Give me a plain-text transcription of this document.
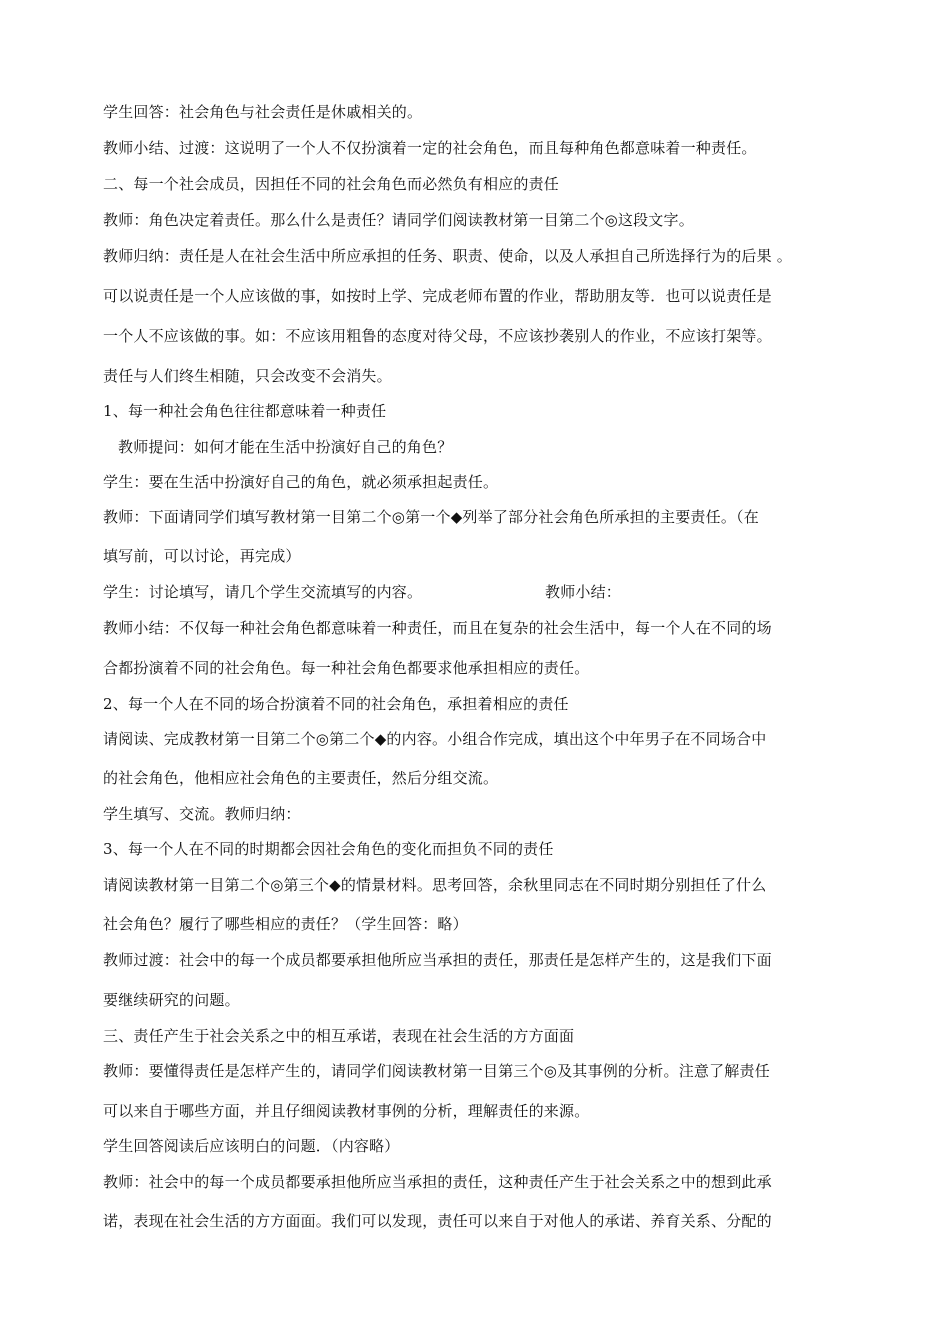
学生回答：社会角色与社会责任是休戚相关的。
教师小结、过渡：这说明了一个人不仅扮演着一定的社会角色，而且每种角色都意味着一种责任。
二、每一个社会成员，因担任不同的社会角色而必然负有相应的责任
教师：角色决定着责任。那么什么是责任？请同学们阅读教材第一目第二个◎这段文字。
教师归纳：责任是人在社会生活中所应承担的任务、职责、使命，以及人承担自己所选择行为的后果 。
可以说责任是一个人应该做的事，如按时上学、完成老师布置的作业，帮助朋友等．也可以说责任是
一个人不应该做的事。如：不应该用粗鲁的态度对待父母，不应该抄袭别人的作业，不应该打架等。
责任与人们终生相随，只会改变不会消失。
1、每一种社会角色往往都意味着一种责任
教师提问：如何才能在生活中扮演好自己的角色？
学生：要在生活中扮演好自己的角色，就必须承担起责任。
教师：下面请同学们填写教材第一目第二个◎第一个◆列举了部分社会角色所承担的主要责任。（在
填写前，可以讨论，再完成）
学生：讨论填写，请几个学生交流填写的内容。	教师小结：
教师小结：不仅每一种社会角色都意味着一种责任，而且在复杂的社会生活中，每一个人在不同的场
合都扮演着不同的社会角色。每一种社会角色都要求他承担相应的责任。
2、每一个人在不同的场合扮演着不同的社会角色，承担着相应的责任
请阅读、完成教材第一目第二个◎第二个◆的内容。小组合作完成，填出这个中年男子在不同场合中
的社会角色，他相应社会角色的主要责任，然后分组交流。
学生填写、交流。教师归纳：
3、每一个人在不同的时期都会因社会角色的变化而担负不同的责任
请阅读教材第一目第二个◎第三个◆的情景材料。思考回答，余秋里同志在不同时期分别担任了什么
社会角色？履行了哪些相应的责任？（学生回答：略）
教师过渡：社会中的每一个成员都要承担他所应当承担的责任，那责任是怎样产生的，这是我们下面
要继续研究的问题。
三、责任产生于社会关系之中的相互承诺，表现在社会生活的方方面面
教师：要懂得责任是怎样产生的，请同学们阅读教材第一目第三个◎及其事例的分析。注意了解责任
可以来自于哪些方面，并且仔细阅读教材事例的分析，理解责任的来源。
学生回答阅读后应该明白的问题．（内容略）
教师：社会中的每一个成员都要承担他所应当承担的责任，这种责任产生于社会关系之中的想到此承
诺，表现在社会生活的方方面面。我们可以发现，责任可以来自于对他人的承诺、养育关系、分配的
